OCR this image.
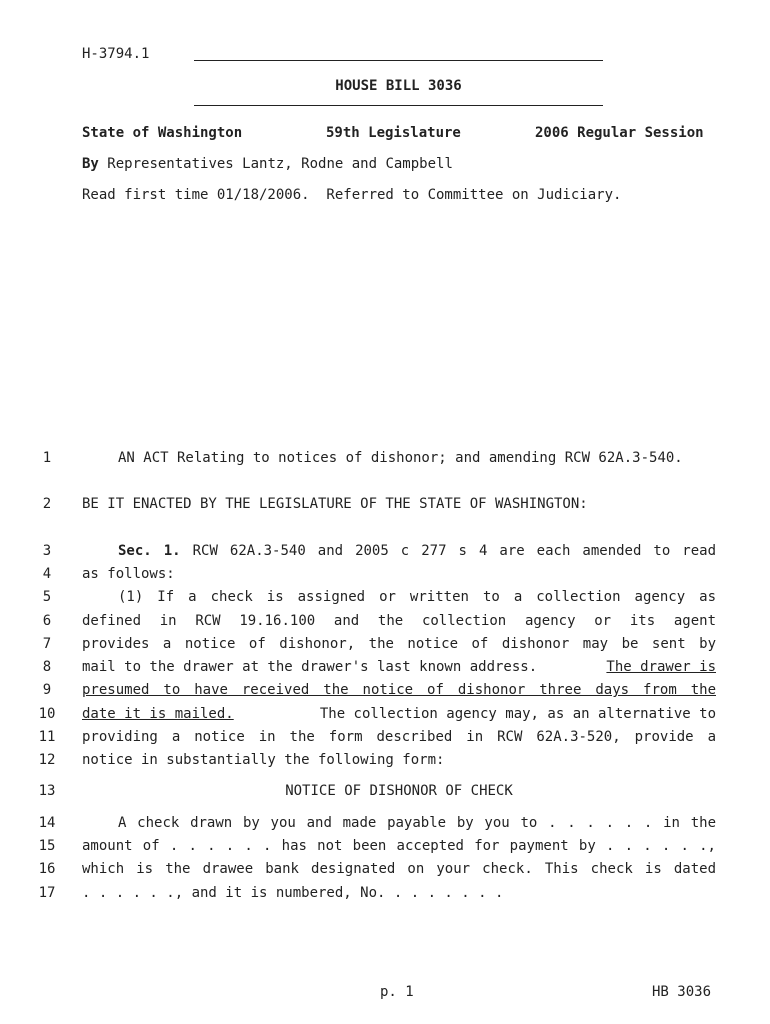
H-3794.1
HOUSE BILL 3036
State of Washington	59th Legislature	2006 Regular Session
By Representatives Lantz, Rodne and Campbell
Read first time 01/18/2006.  Referred to Committee on Judiciary.
1	AN ACT Relating to notices of dishonor; and amending RCW 62A.3-540.
2	BE IT ENACTED BY THE LEGISLATURE OF THE STATE OF WASHINGTON:
3	Sec. 1. RCW 62A.3-540 and 2005 c 277 s 4 are each amended to read
4	as follows:
5	(1) If a check is assigned or written to a collection agency as
6	defined in RCW 19.16.100 and the collection agency or its agent
7	provides a notice of dishonor, the notice of dishonor may be sent by
8	mail to the drawer at the drawer's last known address.	The drawer is
9	presumed to have received the notice of dishonor three days from the
10 date it is mailed.	The collection agency may, as an alternative to
11 providing a notice in the form described in RCW 62A.3-520, provide a
12 notice in substantially the following form:
13	NOTICE OF DISHONOR OF CHECK
14	A check drawn by you and made payable by you to . . . . . . in the
15 amount of . . . . . . has not been accepted for payment by . . . . . .,
16 which is the drawee bank designated on your check. This check is dated
17 . . . . . ., and it is numbered, No. . . . . . . .
p. 1	HB 3036
